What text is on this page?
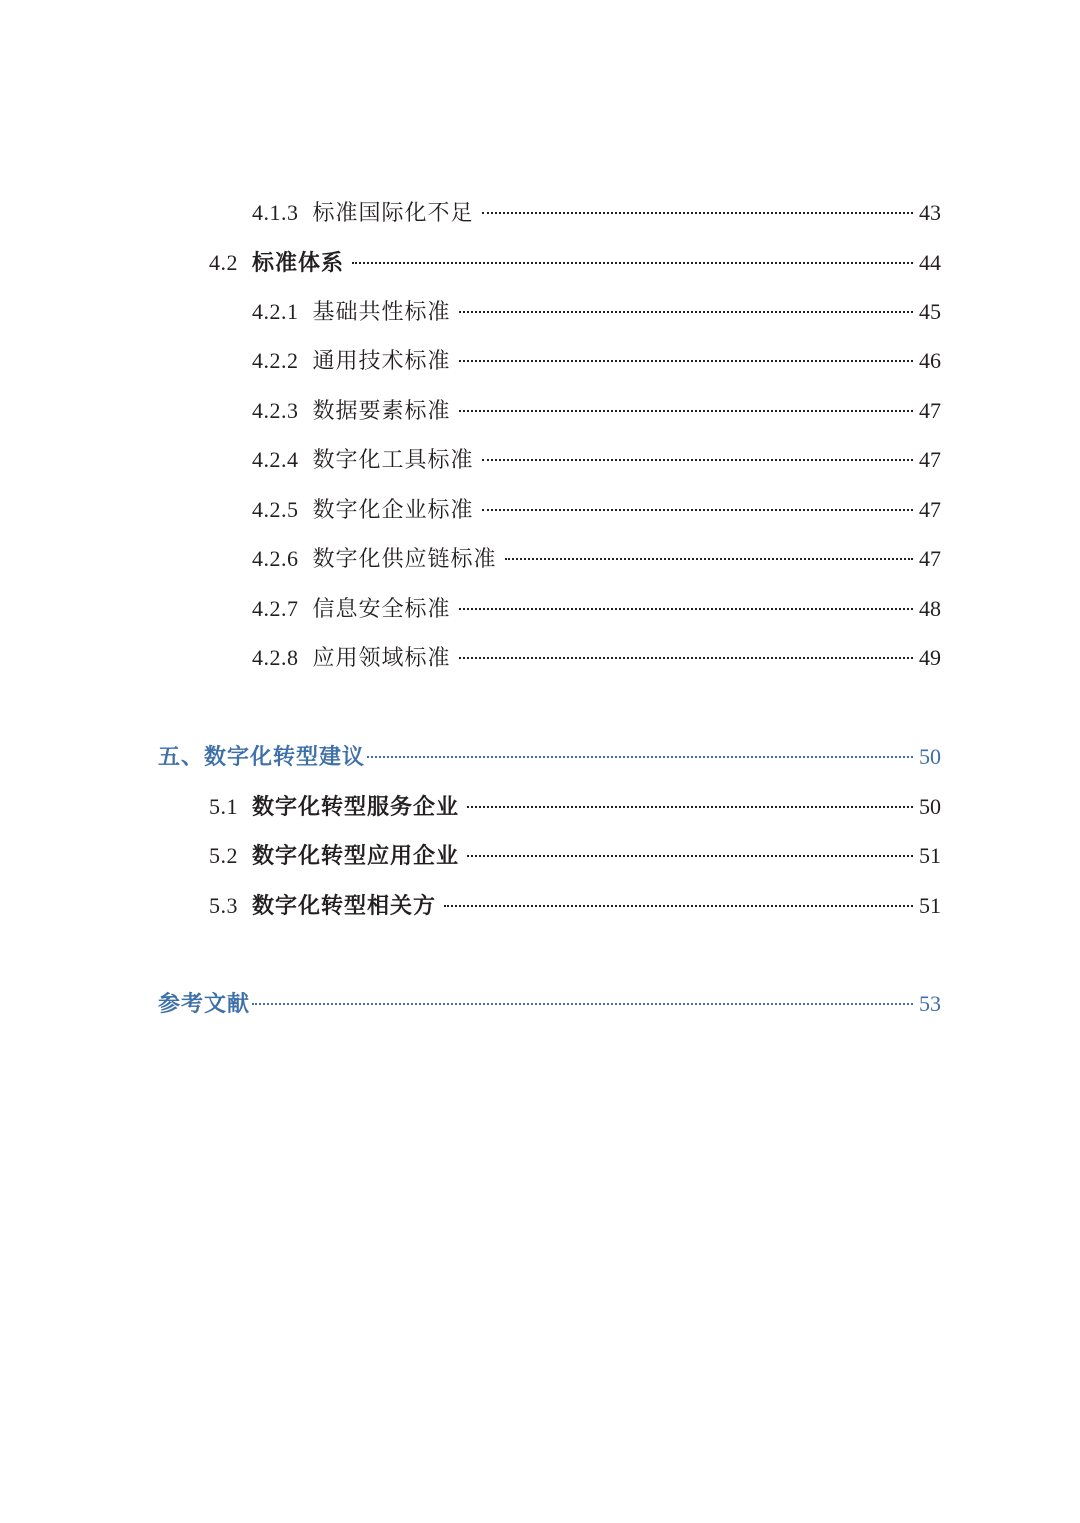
4.1.3 标准国际化不足	43
4.2 标准体系	44
4.2.1 基础共性标准	45
4.2.2 通用技术标准	46
4.2.3 数据要素标准	47
4.2.4 数字化工具标准	47
4.2.5 数字化企业标准	47
4.2.6 数字化供应链标准	47
4.2.7 信息安全标准	48
4.2.8 应用领域标准	49
五、数字化转型建议	50
5.1 数字化转型服务企业	50
5.2 数字化转型应用企业	51
5.3 数字化转型相关方	51
参考文献	53
